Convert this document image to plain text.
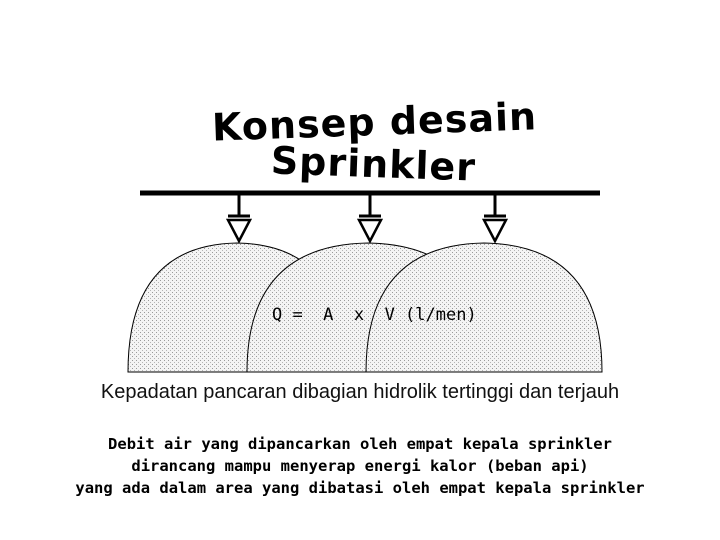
Konsep desain
Sprinkler
Q =  A  x  V (l/men)
Kepadatan pancaran dibagian hidrolik tertinggi dan terjauh
Debit air yang dipancarkan oleh empat kepala sprinkler
dirancang mampu menyerap energi kalor (beban api)
yang ada dalam area yang dibatasi oleh empat kepala sprinkler
